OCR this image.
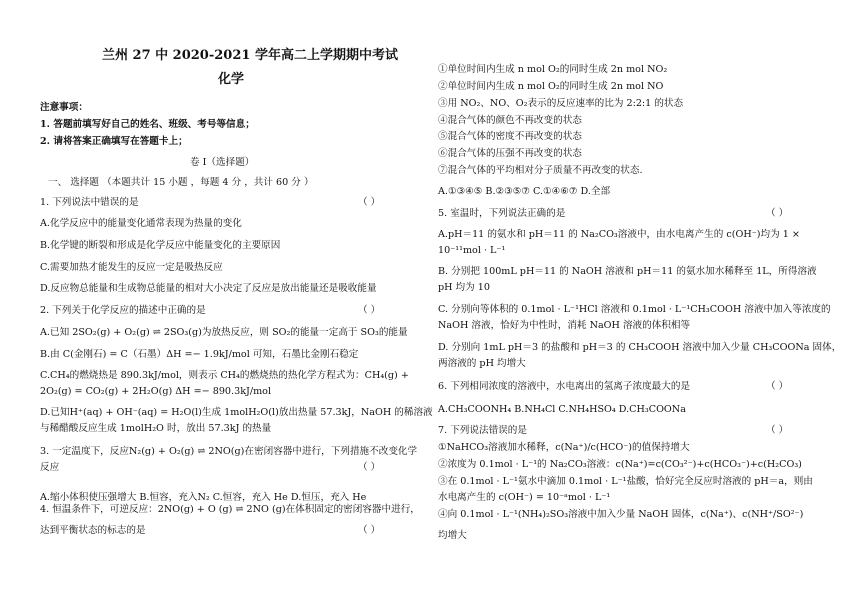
兰州 27 中 2020-2021 学年高二上学期期中考试
化学
注意事项：
1. 答题前填写好自己的姓名、班级、考号等信息；
2. 请将答案正确填写在答题卡上；
卷 I（选择题）
一、 选择题 （本题共计 15 小题 ，每题 4 分 ，共计 60 分 ）
1. 下列说法中错误的是	（ ）
A.化学反应中的能量变化通常表现为热量的变化
B.化学键的断裂和形成是化学反应中能量变化的主要原因
C.需要加热才能发生的反应一定是吸热反应
D.反应物总能量和生成物总能量的相对大小决定了反应是放出能量还是吸收能量
2. 下列关于化学反应的描述中正确的是	（ ）
A.已知 2SO₂(g) + O₂(g) ⇌ 2SO₃(g)为放热反应，则 SO₂的能量一定高于 SO₃的能量
B.由 C(金刚石) = C（石墨）ΔH =− 1.9kJ/mol 可知，石墨比金刚石稳定
C.CH₄的燃烧热是 890.3kJ/mol，则表示 CH₄的燃烧热的热化学方程式为：CH₄(g) +
2O₂(g) = CO₂(g) + 2H₂O(g) ΔH =− 890.3kJ/mol
D.已知H⁺(aq) + OH⁻(aq) = H₂O(l)生成 1molH₂O(l)放出热量 57.3kJ，NaOH 的稀溶液
与稀醋酸反应生成 1molH₂O 时，放出 57.3kJ 的热量
3. 一定温度下，反应N₂(g) + O₂(g) ⇌ 2NO(g)在密闭容器中进行，下列措施不改变化学
反应	（ ）
A.缩小体积使压强增大 B.恒容，充入N₂ C.恒容，充入 He D.恒压，充入 He
4. 恒温条件下，可逆反应：2NO(g) + O (g) ⇌ 2NO (g)在体积固定的密闭容器中进行，
达到平衡状态的标志的是	（ ）
①单位时间内生成 n mol O₂的同时生成 2n mol NO₂
②单位时间内生成 n mol O₂的同时生成 2n mol NO
③用 NO₂、NO、O₂表示的反应速率的比为 2:2:1 的状态
④混合气体的颜色不再改变的状态
⑤混合气体的密度不再改变的状态
⑥混合气体的压强不再改变的状态
⑦混合气体的平均相对分子质量不再改变的状态.
A.①③④⑤ B.②③⑤⑦ C.①④⑥⑦ D.全部
5. 室温时，下列说法正确的是	（ ）
A.pH＝11 的氨水和 pH＝11 的 Na₂CO₃溶液中，由水电离产生的 c(OH⁻)均为 1 ×
10⁻¹¹mol · L⁻¹
B. 分别把 100mL pH＝11 的 NaOH 溶液和 pH＝11 的氨水加水稀释至 1L，所得溶液
pH 均为 10
C. 分别向等体积的 0.1mol · L⁻¹HCl 溶液和 0.1mol · L⁻¹CH₃COOH 溶液中加入等浓度的
NaOH 溶液，恰好为中性时，消耗 NaOH 溶液的体积相等
D. 分别向 1mL pH＝3 的盐酸和 pH＝3 的 CH₃COOH 溶液中加入少量 CH₃COONa 固体，
两溶液的 pH 均增大
6. 下列相同浓度的溶液中，水电离出的氢离子浓度最大的是	（ ）
A.CH₃COONH₄ B.NH₄Cl C.NH₄HSO₄ D.CH₃COONa
7. 下列说法错误的是	（ ）
①NaHCO₃溶液加水稀释，c(Na⁺)/c(HCO⁻)的值保持增大
②浓度为 0.1mol · L⁻¹的 Na₂CO₃溶液：c(Na⁺)=c(CO₃²⁻)+c(HCO₃⁻)+c(H₂CO₃)
③在 0.1mol · L⁻¹氨水中滴加 0.1mol · L⁻¹盐酸，恰好完全反应时溶液的 pH＝a，则由
水电离产生的 c(OH⁻) = 10⁻ᵃmol · L⁻¹
④向 0.1mol · L⁻¹(NH₄)₂SO₃溶液中加入少量 NaOH 固体，c(Na⁺)、c(NH⁺/SO²⁻)
均增大
